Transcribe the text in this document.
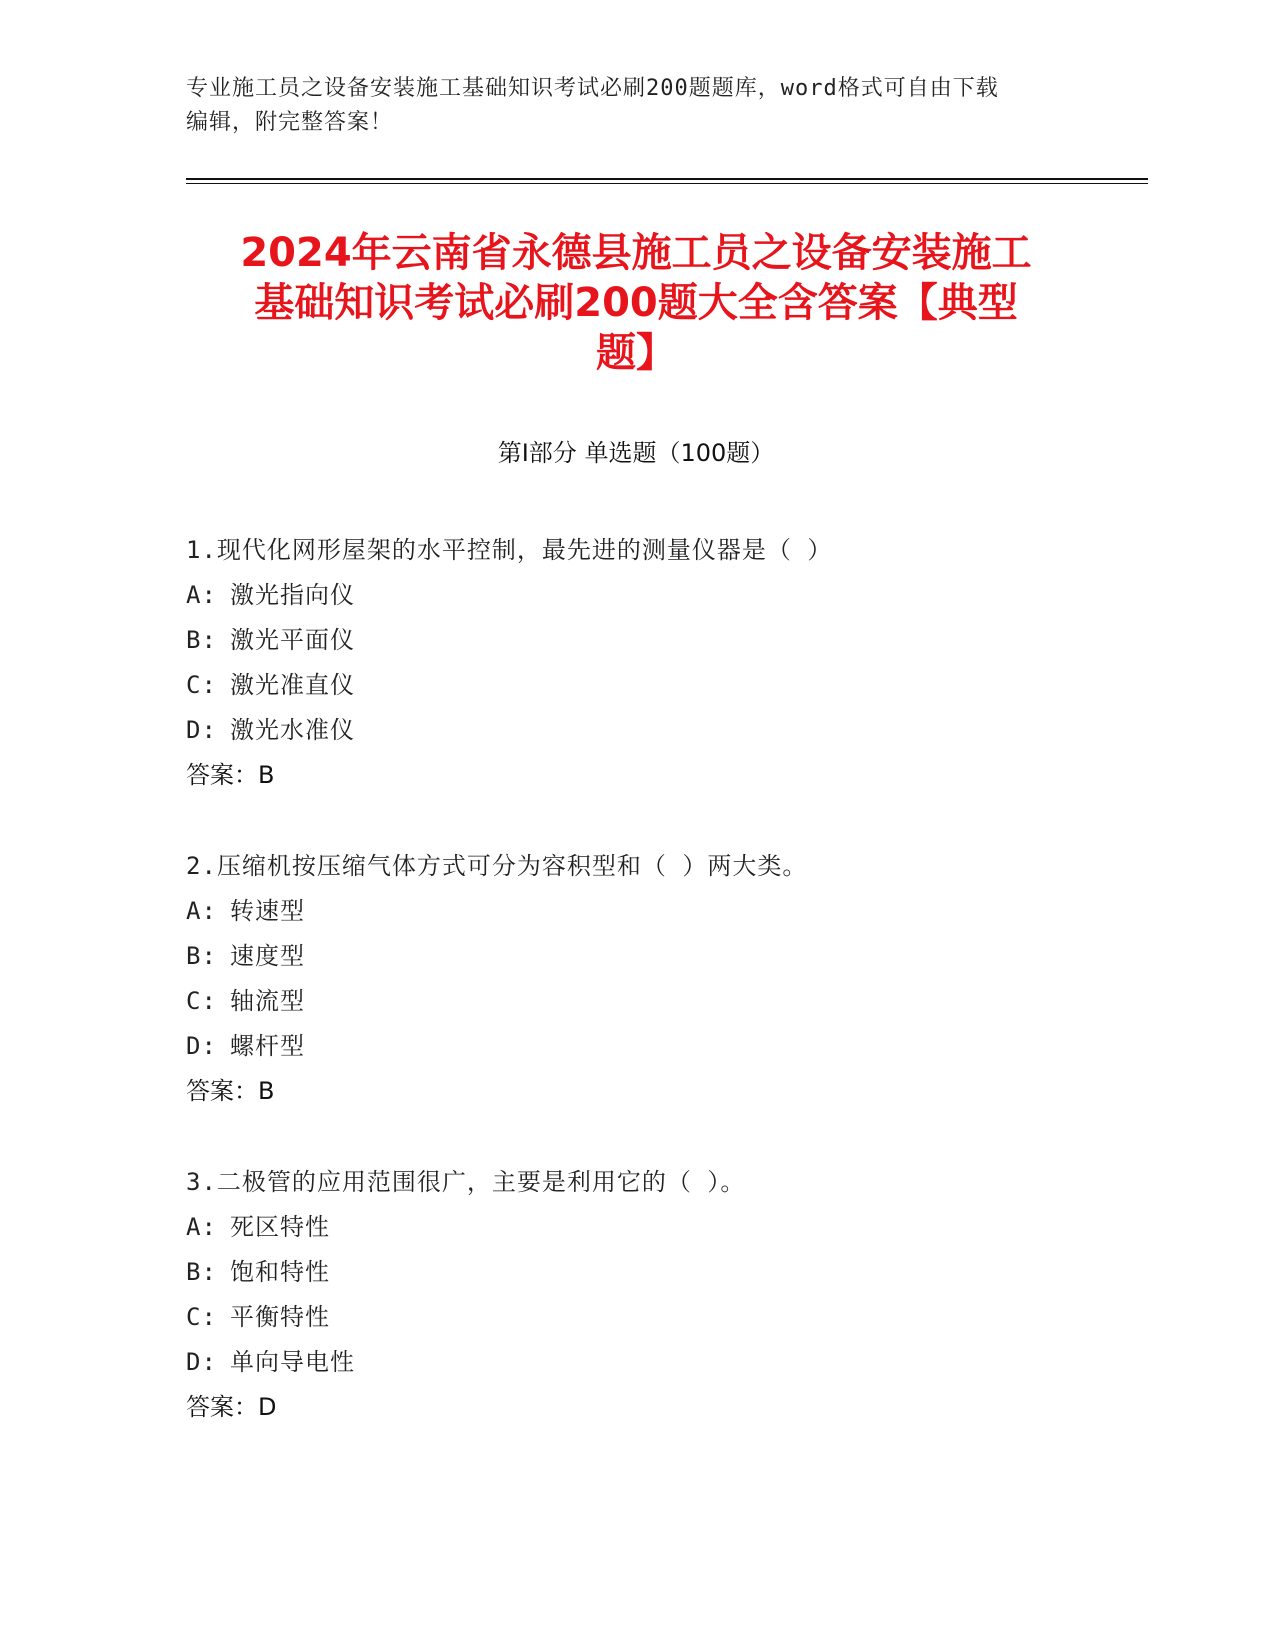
专业施工员之设备安装施工基础知识考试必刷200题题库，word格式可自由下载
编辑，附完整答案！
2024年云南省永德县施工员之设备安装施工
基础知识考试必刷200题大全含答案【典型
题】
第I部分 单选题（100题）
1.现代化网形屋架的水平控制，最先进的测量仪器是（ ）
A: 激光指向仪
B: 激光平面仪
C: 激光准直仪
D: 激光水准仪
答案：B
2.压缩机按压缩气体方式可分为容积型和（ ）两大类。
A: 转速型
B: 速度型
C: 轴流型
D: 螺杆型
答案：B
3.二极管的应用范围很广，主要是利用它的（ ）。
A: 死区特性
B: 饱和特性
C: 平衡特性
D: 单向导电性
答案：D
